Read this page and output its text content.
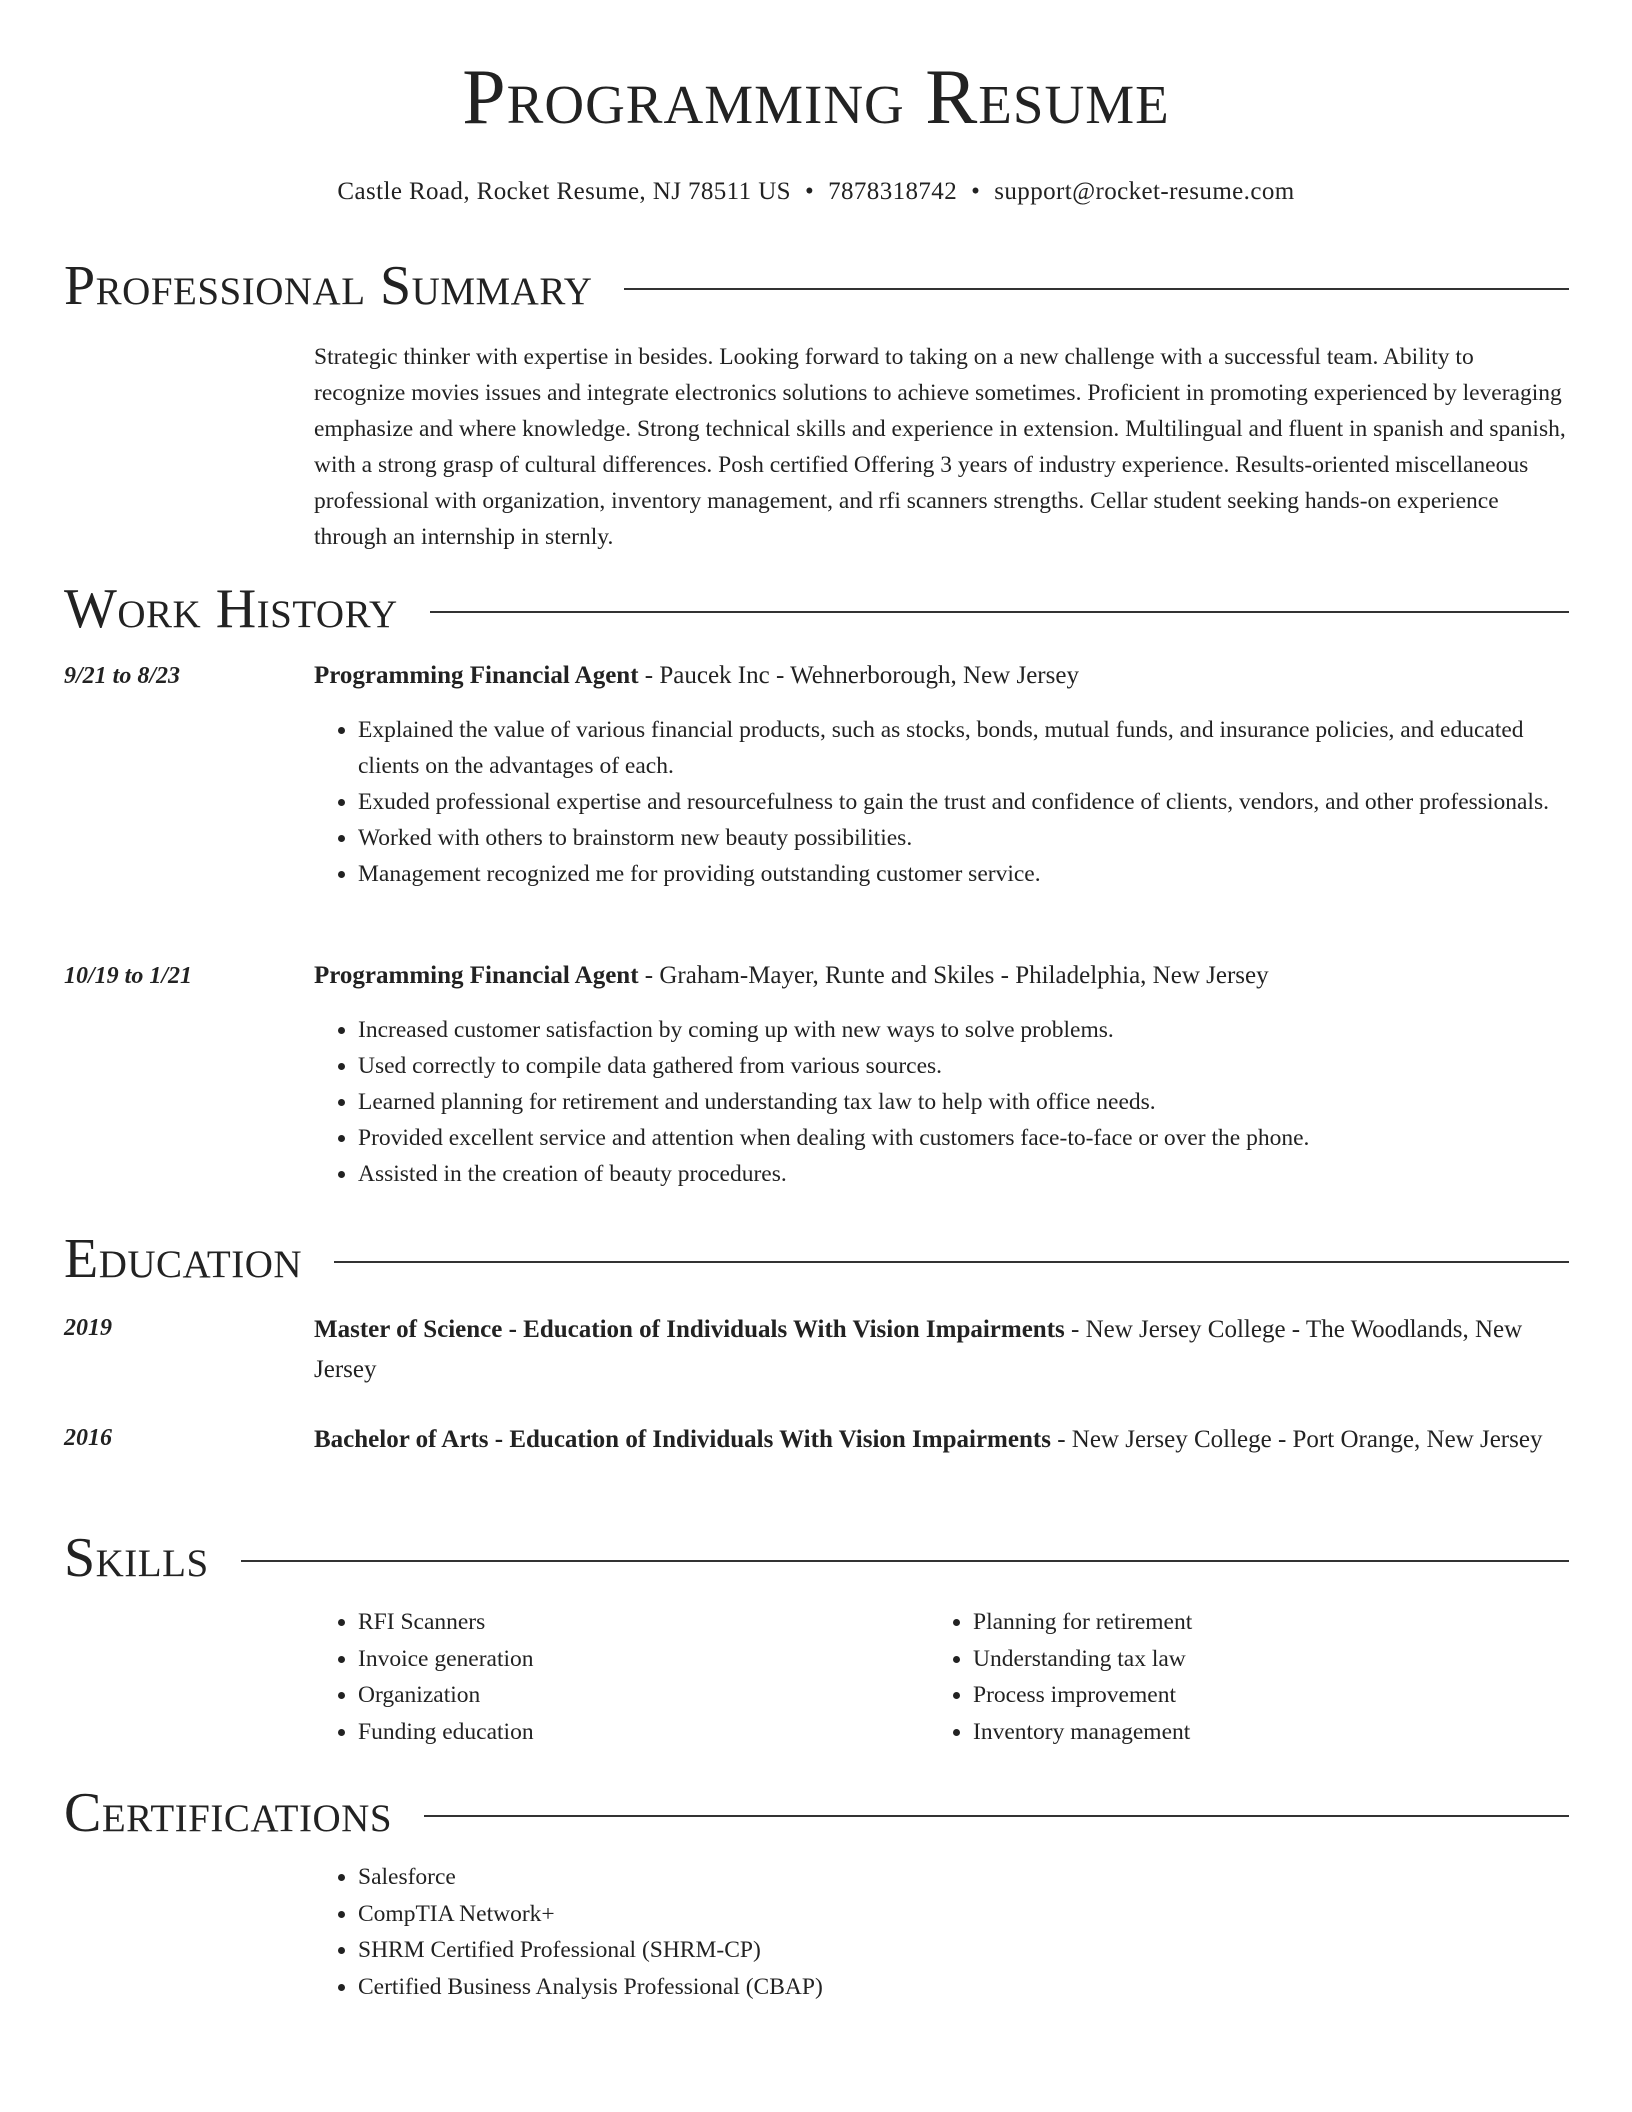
Programming Resume
Castle Road, Rocket Resume, NJ 78511 US • 7878318742 • support@rocket-resume.com
Professional Summary

Strategic thinker with expertise in besides. Looking forward to taking on a new challenge with a successful team. Ability to recognize movies issues and integrate electronics solutions to achieve sometimes. Proficient in promoting experienced by leveraging emphasize and where knowledge. Strong technical skills and experience in extension. Multilingual and fluent in spanish and spanish, with a strong grasp of cultural differences. Posh certified Offering 3 years of industry experience. Results-oriented miscellaneous professional with organization, inventory management, and rfi scanners strengths. Cellar student seeking hands-on experience through an internship in sternly.

Work History
9/21 to 8/23	Programming Financial Agent - Paucek Inc - Wehnerborough, New Jersey

• Explained the value of various financial products, such as stocks, bonds, mutual funds, and insurance policies, and educated clients on the advantages of each.
• Exuded professional expertise and resourcefulness to gain the trust and confidence of clients, vendors, and other professionals.
• Worked with others to brainstorm new beauty possibilities.
• Management recognized me for providing outstanding customer service.
10/19 to 1/21	Programming Financial Agent - Graham-Mayer, Runte and Skiles - Philadelphia, New Jersey

• Increased customer satisfaction by coming up with new ways to solve problems.
• Used correctly to compile data gathered from various sources.
• Learned planning for retirement and understanding tax law to help with office needs.
• Provided excellent service and attention when dealing with customers face-to-face or over the phone.
• Assisted in the creation of beauty procedures.
Education
2019	Master of Science - Education of Individuals With Vision Impairments - New Jersey College - The Woodlands, New Jersey

2016	Bachelor of Arts - Education of Individuals With Vision Impairments - New Jersey College - Port Orange, New Jersey

Skills
• RFI Scanners
• Invoice generation
• Organization
• Funding education
• Planning for retirement
• Understanding tax law
• Process improvement
• Inventory management
Certifications
• Salesforce
• CompTIA Network+
• SHRM Certified Professional (SHRM-CP)
• Certified Business Analysis Professional (CBAP)
